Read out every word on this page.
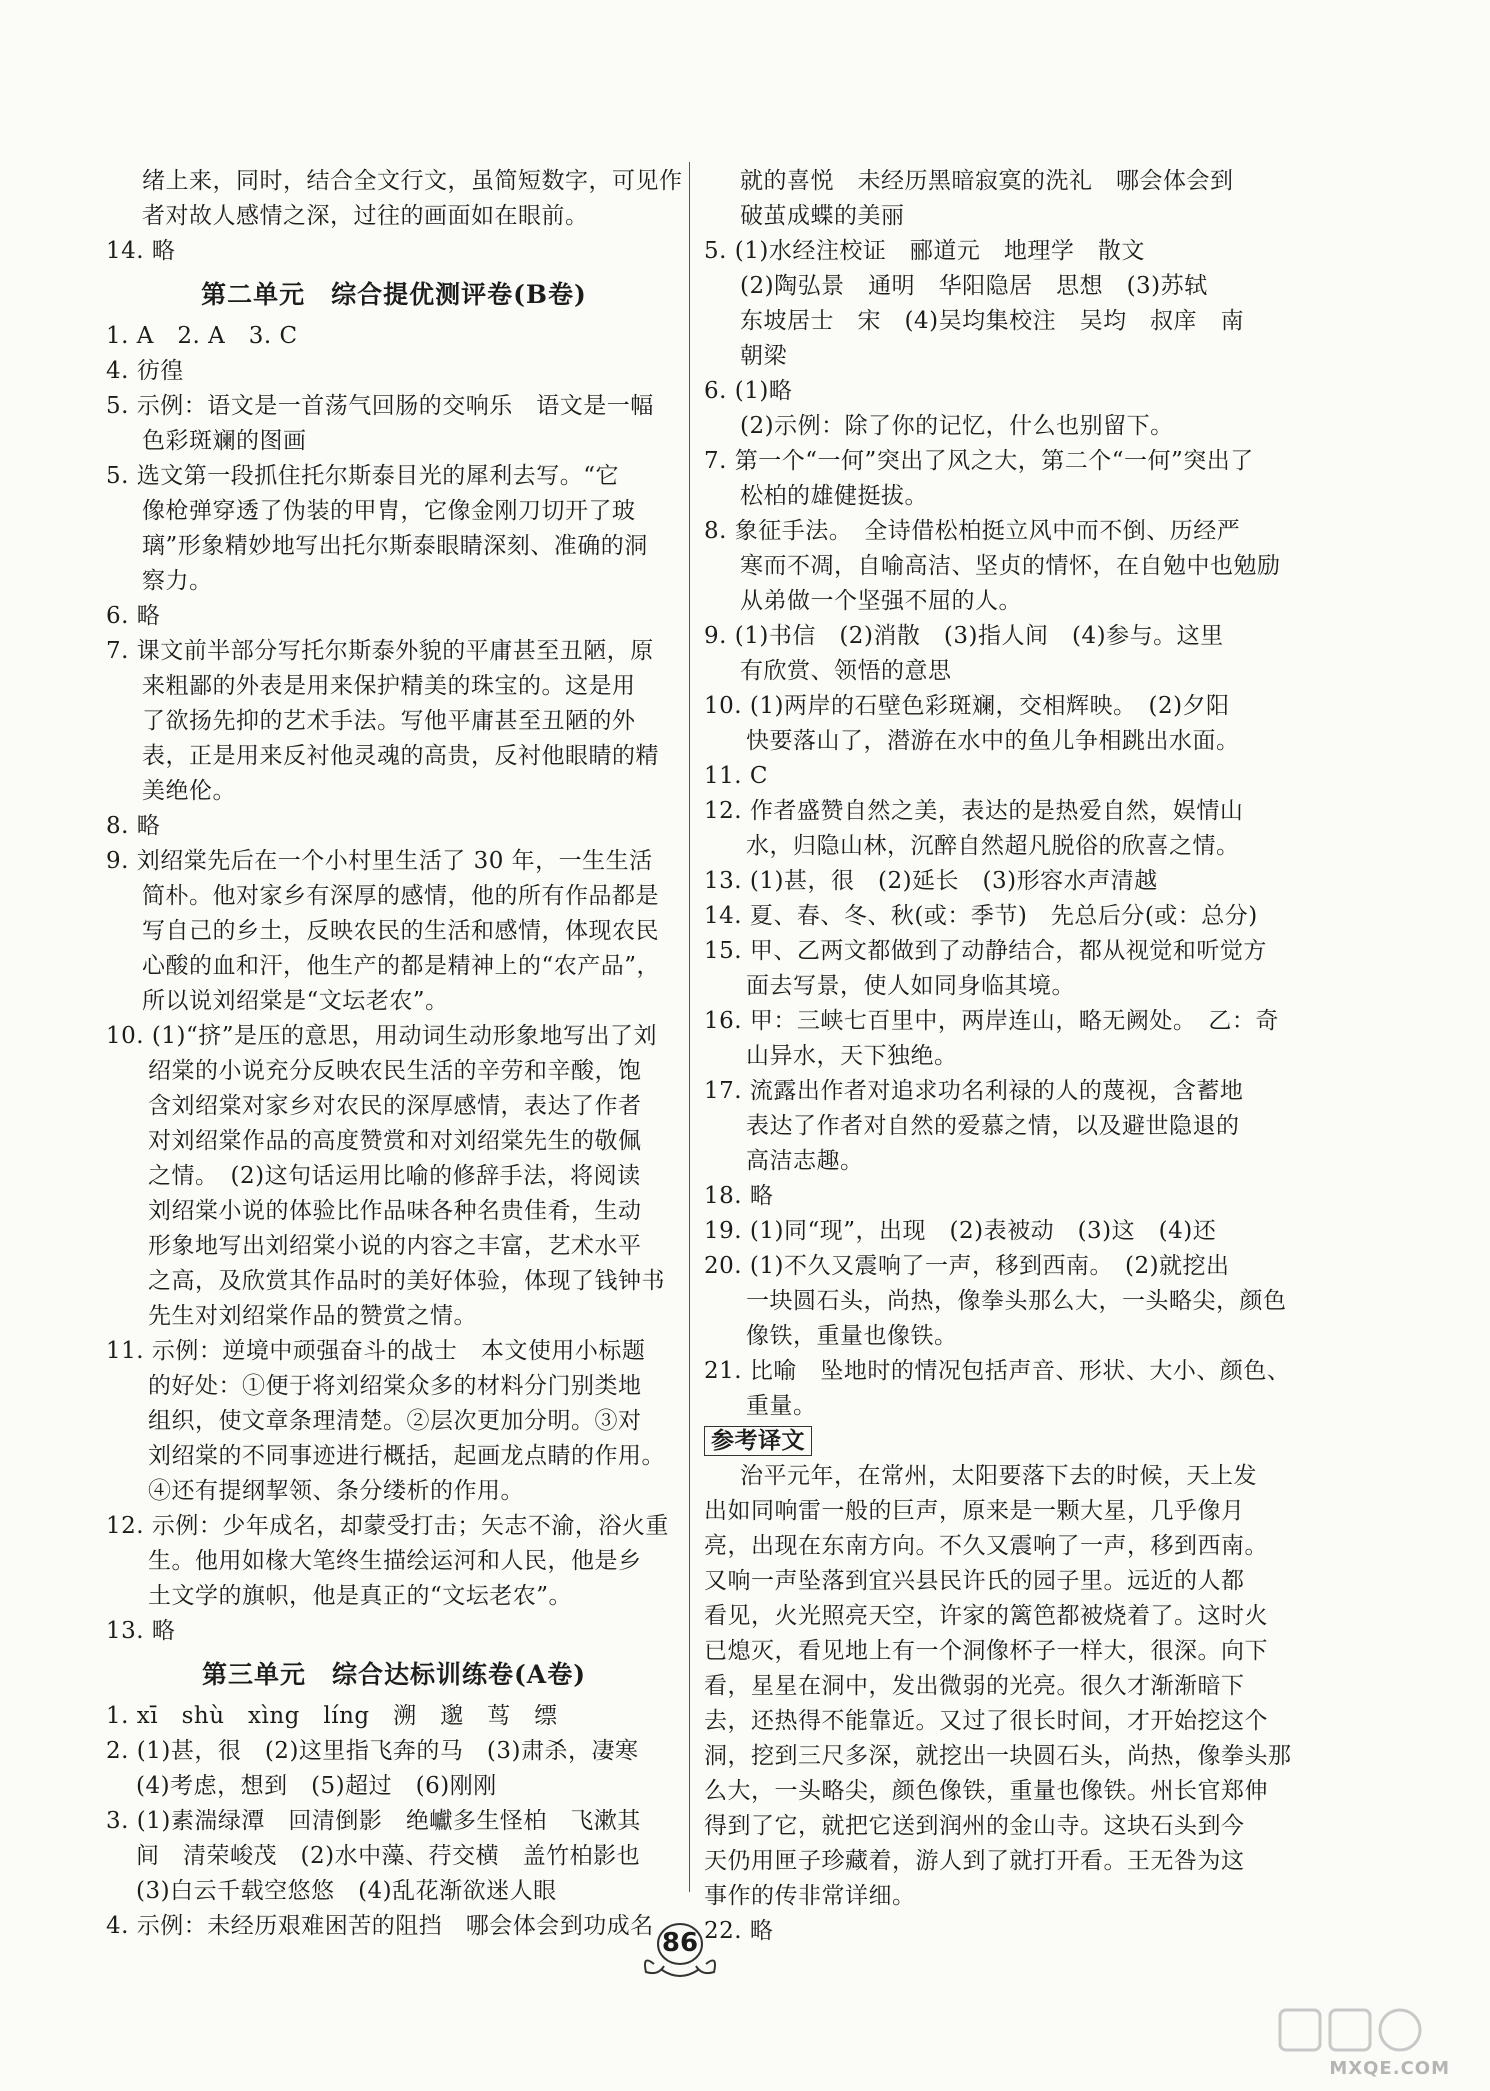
绪上来，同时，结合全文行文，虽简短数字，可见作
者对故人感情之深，过往的画面如在眼前。
14. 略
第二单元　综合提优测评卷(B卷)
1. A　2. A　3. C
4. 彷徨
5. 示例：语文是一首荡气回肠的交响乐　语文是一幅
色彩斑斓的图画
5. 选文第一段抓住托尔斯泰目光的犀利去写。“它
像枪弹穿透了伪装的甲胄，它像金刚刀切开了玻
璃”形象精妙地写出托尔斯泰眼睛深刻、准确的洞
察力。
6. 略
7. 课文前半部分写托尔斯泰外貌的平庸甚至丑陋，原
来粗鄙的外表是用来保护精美的珠宝的。这是用
了欲扬先抑的艺术手法。写他平庸甚至丑陋的外
表，正是用来反衬他灵魂的高贵，反衬他眼睛的精
美绝伦。
8. 略
9. 刘绍棠先后在一个小村里生活了 30 年，一生生活
简朴。他对家乡有深厚的感情，他的所有作品都是
写自己的乡土，反映农民的生活和感情，体现农民
心酸的血和汗，他生产的都是精神上的“农产品”，
所以说刘绍棠是“文坛老农”。
10. (1)“挤”是压的意思，用动词生动形象地写出了刘
绍棠的小说充分反映农民生活的辛劳和辛酸，饱
含刘绍棠对家乡对农民的深厚感情，表达了作者
对刘绍棠作品的高度赞赏和对刘绍棠先生的敬佩
之情。　(2)这句话运用比喻的修辞手法，将阅读
刘绍棠小说的体验比作品味各种名贵佳肴，生动
形象地写出刘绍棠小说的内容之丰富，艺术水平
之高，及欣赏其作品时的美好体验，体现了钱钟书
先生对刘绍棠作品的赞赏之情。
11. 示例：逆境中顽强奋斗的战士　本文使用小标题
的好处：①便于将刘绍棠众多的材料分门别类地
组织，使文章条理清楚。②层次更加分明。③对
刘绍棠的不同事迹进行概括，起画龙点睛的作用。
④还有提纲挈领、条分缕析的作用。
12. 示例：少年成名，却蒙受打击；矢志不渝，浴火重
生。他用如椽大笔终生描绘运河和人民，他是乡
土文学的旗帜，他是真正的“文坛老农”。
13. 略
第三单元　综合达标训练卷(A卷)
1. xī　shù　xìng　líng　溯　邈　茑　缥
2. (1)甚，很　(2)这里指飞奔的马　(3)肃杀，凄寒
(4)考虑，想到　(5)超过　(6)刚刚
3. (1)素湍绿潭　回清倒影　绝巘多生怪柏　飞漱其
间　清荣峻茂　(2)水中藻、荇交横　盖竹柏影也
(3)白云千载空悠悠　(4)乱花渐欲迷人眼
4. 示例：未经历艰难困苦的阻挡　哪会体会到功成名
就的喜悦　未经历黑暗寂寞的洗礼　哪会体会到
破茧成蝶的美丽
5. (1)水经注校证　郦道元　地理学　散文
(2)陶弘景　通明　华阳隐居　思想　(3)苏轼
东坡居士　宋　(4)吴均集校注　吴均　叔庠　南
朝梁
6. (1)略
(2)示例：除了你的记忆，什么也别留下。
7. 第一个“一何”突出了风之大，第二个“一何”突出了
松柏的雄健挺拔。
8. 象征手法。　全诗借松柏挺立风中而不倒、历经严
寒而不凋，自喻高洁、坚贞的情怀，在自勉中也勉励
从弟做一个坚强不屈的人。
9. (1)书信　(2)消散　(3)指人间　(4)参与。这里
有欣赏、领悟的意思
10. (1)两岸的石壁色彩斑斓，交相辉映。　(2)夕阳
快要落山了，潜游在水中的鱼儿争相跳出水面。
11. C
12. 作者盛赞自然之美，表达的是热爱自然，娱情山
水，归隐山林，沉醉自然超凡脱俗的欣喜之情。
13. (1)甚，很　(2)延长　(3)形容水声清越
14. 夏、春、冬、秋(或：季节)　先总后分(或：总分)
15. 甲、乙两文都做到了动静结合，都从视觉和听觉方
面去写景，使人如同身临其境。
16. 甲：三峡七百里中，两岸连山，略无阙处。　乙：奇
山异水，天下独绝。
17. 流露出作者对追求功名利禄的人的蔑视，含蓄地
表达了作者对自然的爱慕之情，以及避世隐退的
高洁志趣。
18. 略
19. (1)同“现”，出现　(2)表被动　(3)这　(4)还
20. (1)不久又震响了一声，移到西南。　(2)就挖出
一块圆石头，尚热，像拳头那么大，一头略尖，颜色
像铁，重量也像铁。
21. 比喻　坠地时的情况包括声音、形状、大小、颜色、
重量。
参考译文
治平元年，在常州，太阳要落下去的时候，天上发
出如同响雷一般的巨声，原来是一颗大星，几乎像月
亮，出现在东南方向。不久又震响了一声，移到西南。
又响一声坠落到宜兴县民许氏的园子里。远近的人都
看见，火光照亮天空，许家的篱笆都被烧着了。这时火
已熄灭，看见地上有一个洞像杯子一样大，很深。向下
看，星星在洞中，发出微弱的光亮。很久才渐渐暗下
去，还热得不能靠近。又过了很长时间，才开始挖这个
洞，挖到三尺多深，就挖出一块圆石头，尚热，像拳头那
么大，一头略尖，颜色像铁，重量也像铁。州长官郑伸
得到了它，就把它送到润州的金山寺。这块石头到今
天仍用匣子珍藏着，游人到了就打开看。王无咎为这
事作的传非常详细。
22. 略
86
MXQE.COM
